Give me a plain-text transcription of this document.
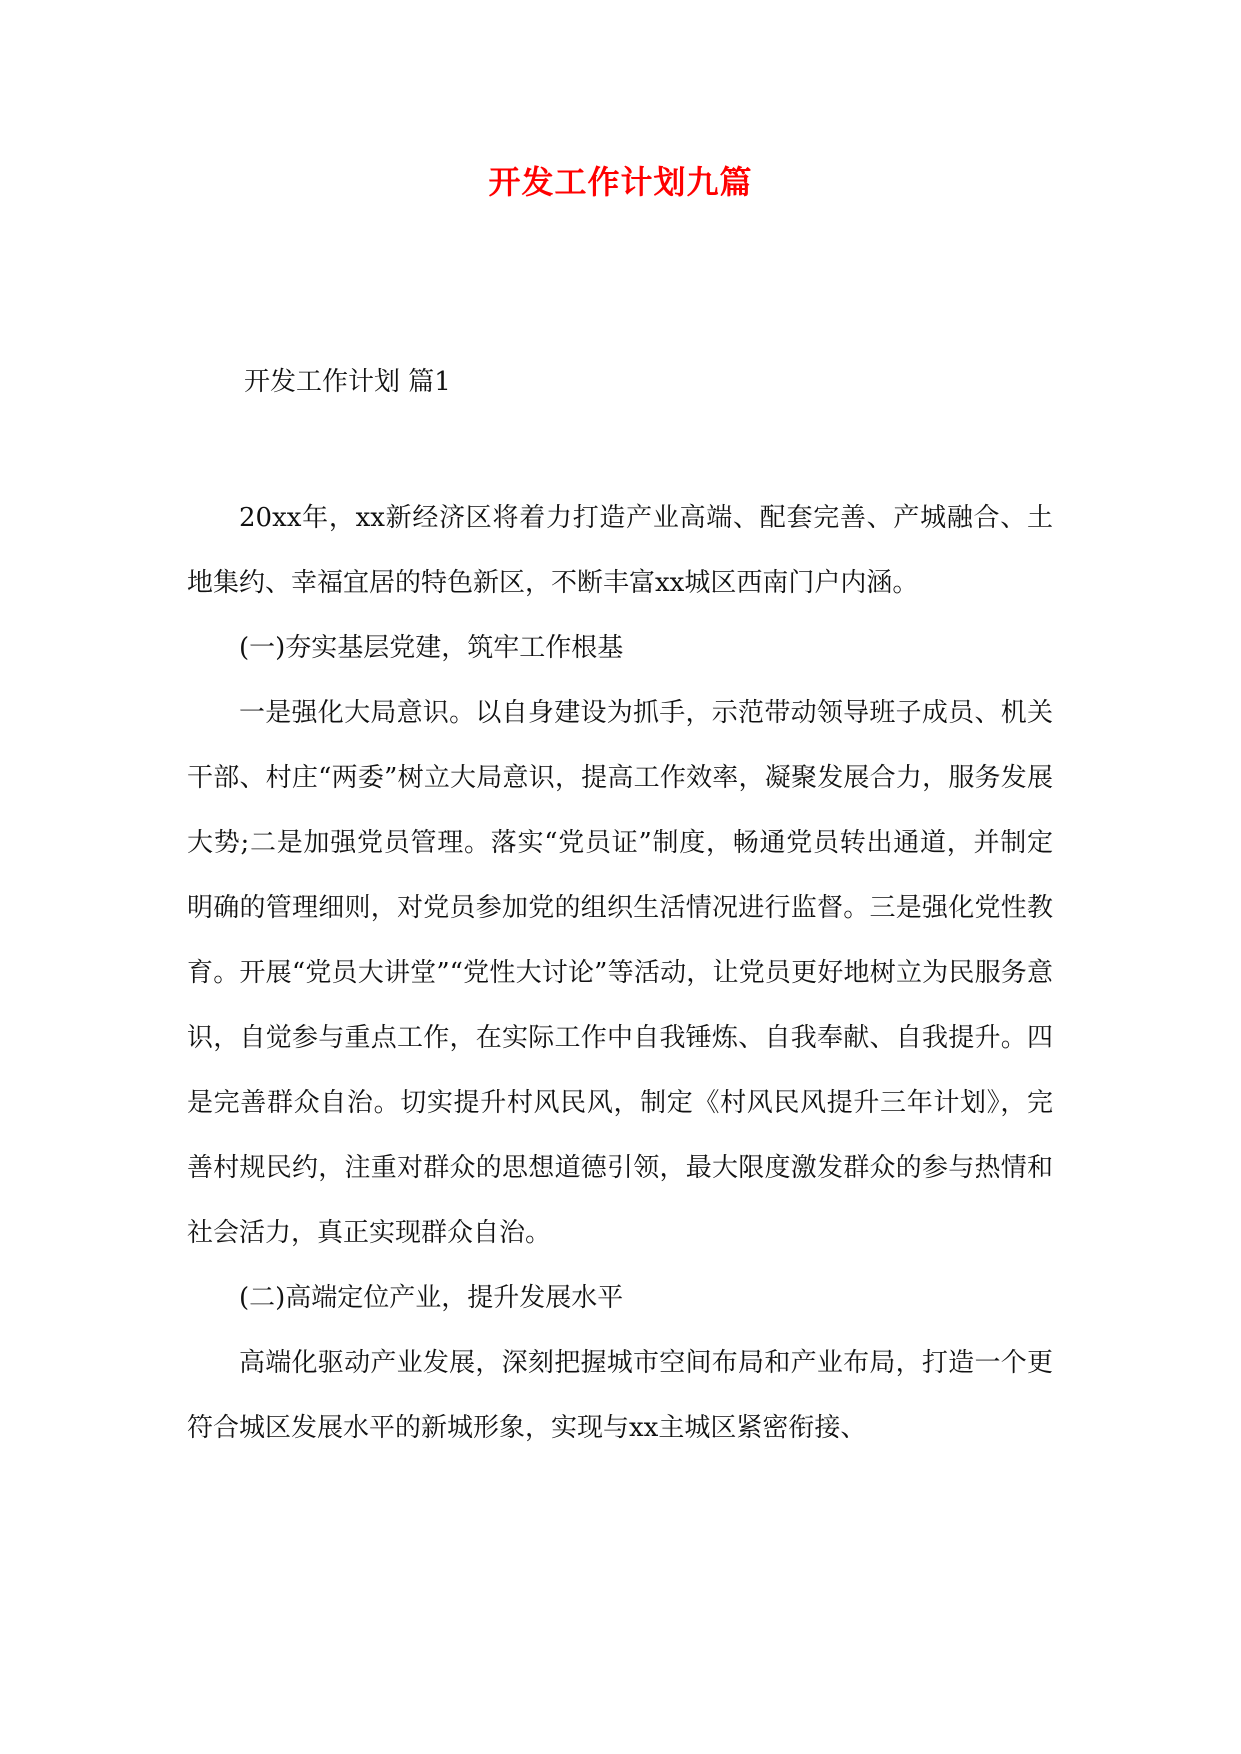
开发工作计划九篇
开发工作计划 篇1

20xx年，xx新经济区将着力打造产业高端、配套完善、产城融合、土地集约、幸福宜居的特色新区，不断丰富xx城区西南门户内涵。

(一)夯实基层党建，筑牢工作根基

一是强化大局意识。以自身建设为抓手，示范带动领导班子成员、机关干部、村庄“两委”树立大局意识，提高工作效率，凝聚发展合力，服务发展大势;二是加强党员管理。落实“党员证”制度，畅通党员转出通道，并制定明确的管理细则，对党员参加党的组织生活情况进行监督。三是强化党性教育。开展“党员大讲堂”“党性大讨论”等活动，让党员更好地树立为民服务意识，自觉参与重点工作，在实际工作中自我锤炼、自我奉献、自我提升。四是完善群众自治。切实提升村风民风，制定《村风民风提升三年计划》，完善村规民约，注重对群众的思想道德引领，最大限度激发群众的参与热情和社会活力，真正实现群众自治。

(二)高端定位产业，提升发展水平

高端化驱动产业发展，深刻把握城市空间布局和产业布局，打造一个更符合城区发展水平的新城形象，实现与xx主城区紧密衔接、
